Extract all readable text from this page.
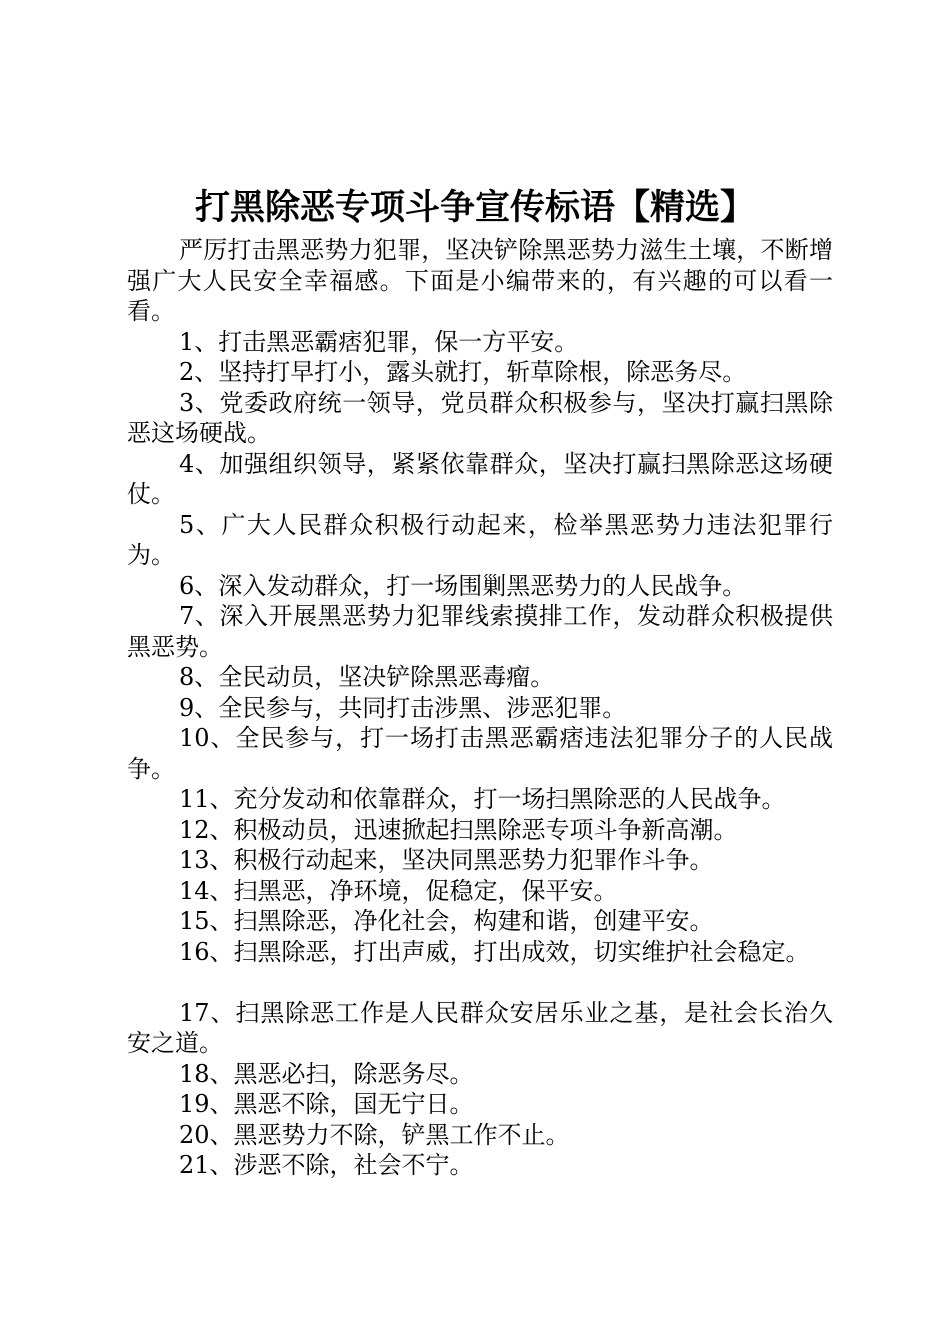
打黑除恶专项斗争宣传标语【精选】

严厉打击黑恶势力犯罪，坚决铲除黑恶势力滋生土壤，不断增强广大人民安全幸福感。下面是小编带来的，有兴趣的可以看一看。

1、打击黑恶霸痞犯罪，保一方平安。

2、坚持打早打小，露头就打，斩草除根，除恶务尽。

3、党委政府统一领导，党员群众积极参与，坚决打赢扫黑除恶这场硬战。

4、加强组织领导，紧紧依靠群众，坚决打赢扫黑除恶这场硬仗。

5、广大人民群众积极行动起来，检举黑恶势力违法犯罪行为。

6、深入发动群众，打一场围剿黑恶势力的人民战争。

7、深入开展黑恶势力犯罪线索摸排工作，发动群众积极提供黑恶势。

8、全民动员，坚决铲除黑恶毒瘤。

9、全民参与，共同打击涉黑、涉恶犯罪。

10、全民参与，打一场打击黑恶霸痞违法犯罪分子的人民战争。

11、充分发动和依靠群众，打一场扫黑除恶的人民战争。

12、积极动员，迅速掀起扫黑除恶专项斗争新高潮。

13、积极行动起来，坚决同黑恶势力犯罪作斗争。

14、扫黑恶，净环境，促稳定，保平安。

15、扫黑除恶，净化社会，构建和谐，创建平安。

16、扫黑除恶，打出声威，打出成效，切实维护社会稳定。

17、扫黑除恶工作是人民群众安居乐业之基，是社会长治久安之道。

18、黑恶必扫，除恶务尽。

19、黑恶不除，国无宁日。

20、黑恶势力不除，铲黑工作不止。

21、涉恶不除，社会不宁。
